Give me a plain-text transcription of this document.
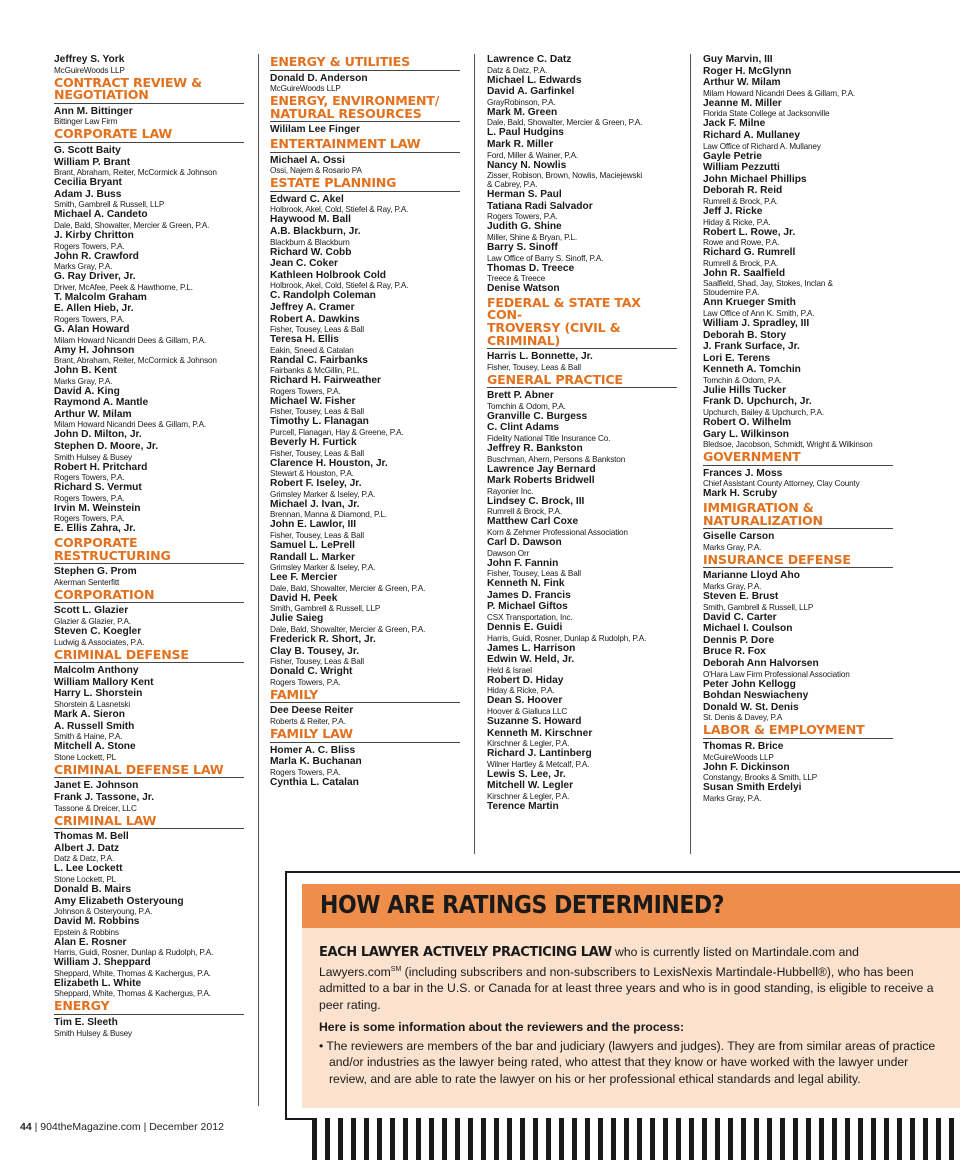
Jeffrey S. York
McGuireWoods LLP
CONTRACT REVIEW &
NEGOTIATION
Ann M. Bittinger
Bittinger Law Firm
CORPORATE LAW
G. Scott Baity
William P. Brant
Brant, Abraham, Reiter, McCormick & Johnson
Cecilia Bryant
Adam J. Buss
Smith, Gambrell & Russell, LLP
Michael A. Candeto
Dale, Bald, Showalter, Mercier & Green, P.A.
J. Kirby Chritton
Rogers Towers, P.A.
John R. Crawford
Marks Gray, P.A.
G. Ray Driver, Jr.
Driver, McAfee, Peek & Hawthorne, P.L.
T. Malcolm Graham
E. Allen Hieb, Jr.
Rogers Towers, P.A.
G. Alan Howard
Milam Howard Nicandri Dees & Gillam, P.A.
Amy H. Johnson
Brant, Abraham, Reiter, McCormick & Johnson
John B. Kent
Marks Gray, P.A.
David A. King
Raymond A. Mantle
Arthur W. Milam
Milam Howard Nicandri Dees & Gillam, P.A.
John D. Milton, Jr.
Stephen D. Moore, Jr.
Smith Hulsey & Busey
Robert H. Pritchard
Rogers Towers, P.A.
Richard S. Vermut
Rogers Towers, P.A.
Irvin M. Weinstein
Rogers Towers, P.A.
E. Ellis Zahra, Jr.
CORPORATE RESTRUCTURING
Stephen G. Prom
Akerman Senterfitt
CORPORATION
Scott L. Glazier
Glazier & Glazier, P.A.
Steven C. Koegler
Ludwig & Associates, P.A.
CRIMINAL DEFENSE
Malcolm Anthony
William Mallory Kent
Harry L. Shorstein
Shorstein & Lasnetski
Mark A. Sieron
A. Russell Smith
Smith & Haine, P.A.
Mitchell A. Stone
Stone Lockett, PL
CRIMINAL DEFENSE LAW
Janet E. Johnson
Frank J. Tassone, Jr.
Tassone & Dreicer, LLC
CRIMINAL LAW
Thomas M. Bell
Albert J. Datz
Datz & Datz, P.A.
L. Lee Lockett
Stone Lockett, PL
Donald B. Mairs
Amy Elizabeth Osteryoung
Johnson & Osteryoung, P.A.
David M. Robbins
Epstein & Robbins
Alan E. Rosner
Harris, Guidi, Rosner, Dunlap & Rudolph, P.A.
William J. Sheppard
Sheppard, White, Thomas & Kachergus, P.A.
Elizabeth L. White
Sheppard, White, Thomas & Kachergus, P.A.
ENERGY
Tim E. Sleeth
Smith Hulsey & Busey
ENERGY & UTILITIES
Donald D. Anderson
McGuireWoods LLP
ENERGY, ENVIRONMENT/
NATURAL RESOURCES
Wililam Lee Finger
ENTERTAINMENT LAW
Michael A. Ossi
Ossi, Najem & Rosario PA
ESTATE PLANNING
Edward C. Akel
Holbrook, Akel, Cold, Stiefel & Ray, P.A.
Haywood M. Ball
A.B. Blackburn, Jr.
Blackburn & Blackburn
Richard W. Cobb
Jean C. Coker
Kathleen Holbrook Cold
Holbrook, Akel, Cold, Stiefel & Ray, P.A.
C. Randolph Coleman
Jeffrey A. Cramer
Robert A. Dawkins
Fisher, Tousey, Leas & Ball
Teresa H. Ellis
Eakin, Sneed & Catalan
Randal C. Fairbanks
Fairbanks & McGillin, P.L.
Richard H. Fairweather
Rogers Towers, P.A.
Michael W. Fisher
Fisher, Tousey, Leas & Ball
Timothy L. Flanagan
Purcell, Flanagan, Hay & Greene, P.A.
Beverly H. Furtick
Fisher, Tousey, Leas & Ball
Clarence H. Houston, Jr.
Stewart & Houston, P.A.
Robert F. Iseley, Jr.
Grimsley Marker & Iseley, P.A.
Michael J. Ivan, Jr.
Brennan, Manna & Diamond, P.L.
John E. Lawlor, III
Fisher, Tousey, Leas & Ball
Samuel L. LePrell
Randall L. Marker
Grimsley Marker & Iseley, P.A.
Lee F. Mercier
Dale, Bald, Showalter, Mercier & Green, P.A.
David H. Peek
Smith, Gambrell & Russell, LLP
Julie Saieg
Dale, Bald, Showalter, Mercier & Green, P.A.
Frederick R. Short, Jr.
Clay B. Tousey, Jr.
Fisher, Tousey, Leas & Ball
Donald C. Wright
Rogers Towers, P.A.
FAMILY
Dee Deese Reiter
Roberts & Reiter, P.A.
FAMILY LAW
Homer A. C. Bliss
Marla K. Buchanan
Rogers Towers, P.A.
Cynthia L. Catalan
Lawrence C. Datz
Datz & Datz, P.A.
Michael L. Edwards
David A. Garfinkel
GrayRobinson, P.A.
Mark M. Green
Dale, Bald, Showalter, Mercier & Green, P.A.
L. Paul Hudgins
Mark R. Miller
Ford, Miller & Wainer, P.A.
Nancy N. Nowlis
Zisser, Robison, Brown, Nowlis, Maciejewski
& Cabrey, P.A.
Herman S. Paul
Tatiana Radi Salvador
Rogers Towers, P.A.
Judith G. Shine
Miller, Shine & Bryan, P.L.
Barry S. Sinoff
Law Office of Barry S. Sinoff, P.A.
Thomas D. Treece
Treece & Treece
Denise Watson
FEDERAL & STATE TAX CON-
TROVERSY (CIVIL & CRIMINAL)
Harris L. Bonnette, Jr.
Fisher, Tousey, Leas & Ball
GENERAL PRACTICE
Brett P. Abner
Tomchin & Odom, P.A.
Granville C. Burgess
C. Clint Adams
Fidelity National Title Insurance Co.
Jeffrey R. Bankston
Buschman, Ahern, Persons & Bankston
Lawrence Jay Bernard
Mark Roberts Bridwell
Rayonier Inc.
Lindsey C. Brock, III
Rumrell & Brock, P.A.
Matthew Carl Coxe
Korn & Zehmer Professional Association
Carl D. Dawson
Dawson Orr
John F. Fannin
Fisher, Tousey, Leas & Ball
Kenneth N. Fink
James D. Francis
P. Michael Giftos
CSX Transportation, Inc.
Dennis E. Guidi
Harris, Guidi, Rosner, Dunlap & Rudolph, P.A.
James L. Harrison
Edwin W. Held, Jr.
Held & Israel
Robert D. Hiday
Hiday & Ricke, P.A.
Dean S. Hoover
Hoover & Gialluca LLC
Suzanne S. Howard
Kenneth M. Kirschner
Kirschner & Legler, P.A.
Richard J. Lantinberg
Wilner Hartley & Metcalf, P.A.
Lewis S. Lee, Jr.
Mitchell W. Legler
Kirschner & Legler, P.A.
Terence Martin
Guy Marvin, III
Roger H. McGlynn
Arthur W. Milam
Milam Howard Nicandri Dees & Gillam, P.A.
Jeanne M. Miller
Florida State College at Jacksonville
Jack F. Milne
Richard A. Mullaney
Law Office of Richard A. Mullaney
Gayle Petrie
William Pezzutti
John Michael Phillips
Deborah R. Reid
Rumrell & Brock, P.A.
Jeff J. Ricke
Hiday & Ricke, P.A.
Robert L. Rowe, Jr.
Rowe and Rowe, P.A.
Richard G. Rumrell
Rumrell & Brock, P.A.
John R. Saalfield
Saalfield, Shad, Jay, Stokes, Inclan &
Stoudemire P.A.
Ann Krueger Smith
Law Office of Ann K. Smith, P.A.
William J. Spradley, III
Deborah B. Story
J. Frank Surface, Jr.
Lori E. Terens
Kenneth A. Tomchin
Tomchin & Odom, P.A.
Julie Hills Tucker
Frank D. Upchurch, Jr.
Upchurch, Bailey & Upchurch, P.A.
Robert O. Wilhelm
Gary L. Wilkinson
Bledsoe, Jacobson, Schmidt, Wright & Wilkinson
GOVERNMENT
Frances J. Moss
Chief Assistant County Attorney, Clay County
Mark H. Scruby
IMMIGRATION &
NATURALIZATION
Giselle Carson
Marks Gray, P.A.
INSURANCE DEFENSE
Marianne Lloyd Aho
Marks Gray, P.A.
Steven E. Brust
Smith, Gambrell & Russell, LLP
David C. Carter
Michael I. Coulson
Dennis P. Dore
Bruce R. Fox
Deborah Ann Halvorsen
O'Hara Law Firm Professional Association
Peter John Kellogg
Bohdan Neswiacheny
Donald W. St. Denis
St. Denis & Davey, P.A
LABOR & EMPLOYMENT
Thomas R. Brice
McGuireWoods LLP
John F. Dickinson
Constangy, Brooks & Smith, LLP
Susan Smith Erdelyi
Marks Gray, P.A.
HOW ARE RATINGS DETERMINED?
EACH LAWYER ACTIVELY PRACTICING LAW who is currently listed on Martindale.com and Lawyers.com℠ (including subscribers and non-subscribers to LexisNexis Martindale-Hubbell®), who has been admitted to a bar in the U.S. or Canada for at least three years and who is in good standing, is eligible to receive a peer rating.
Here is some information about the reviewers and the process:
• The reviewers are members of the bar and judiciary (lawyers and judges). They are from similar areas of practice and/or industries as the lawyer being rated, who attest that they know or have worked with the lawyer under review, and are able to rate the lawyer on his or her professional ethical standards and legal ability.
44 | 904theMagazine.com | December 2012
